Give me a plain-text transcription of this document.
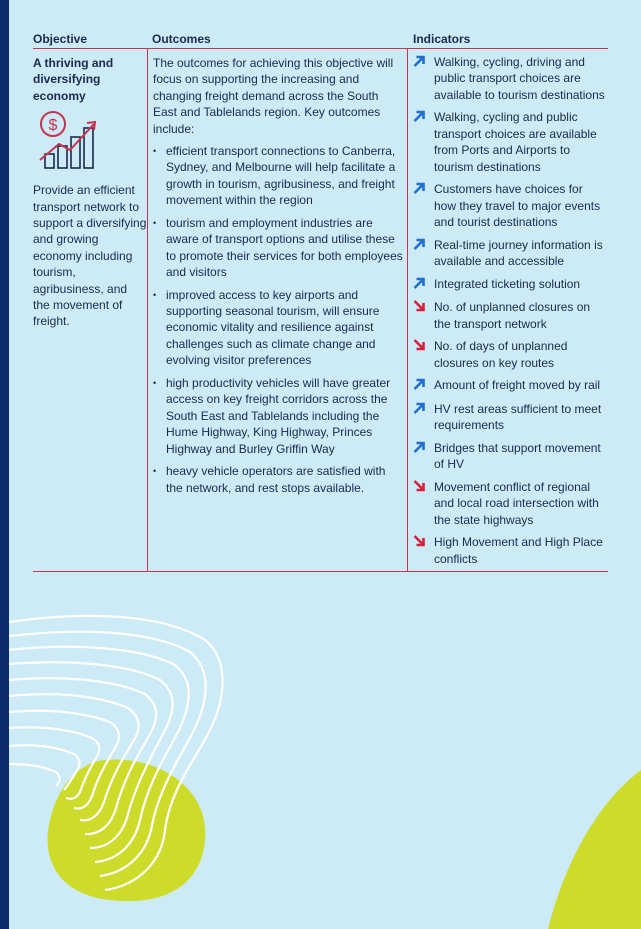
Objective	Outcomes	Indicators
A thriving and diversifying economy
$
Provide an efficient transport network to support a diversifying and growing economy including tourism, agribusiness, and the movement of freight.
The outcomes for achieving this objective will focus on supporting the increasing and changing freight demand across the South East and Tablelands region. Key outcomes include:
• efficient transport connections to Canberra, Sydney, and Melbourne will help facilitate a growth in tourism, agribusiness, and freight movement within the region
• tourism and employment industries are aware of transport options and utilise these to promote their services for both employees and visitors
• improved access to key airports and supporting seasonal tourism, will ensure economic vitality and resilience against challenges such as climate change and evolving visitor preferences
• high productivity vehicles will have greater access on key freight corridors across the South East and Tablelands including the Hume Highway, King Highway, Princes Highway and Burley Griffin Way
• heavy vehicle operators are satisfied with the network, and rest stops available.
Walking, cycling, driving and public transport choices are available to tourism destinations
Walking, cycling and public transport choices are available from Ports and Airports to tourism destinations
Customers have choices for how they travel to major events and tourist destinations
Real-time journey information is available and accessible
Integrated ticketing solution
No. of unplanned closures on the transport network
No. of days of unplanned closures on key routes
Amount of freight moved by rail
HV rest areas sufficient to meet requirements
Bridges that support movement of HV
Movement conflict of regional and local road intersection with the state highways
High Movement and High Place conflicts
